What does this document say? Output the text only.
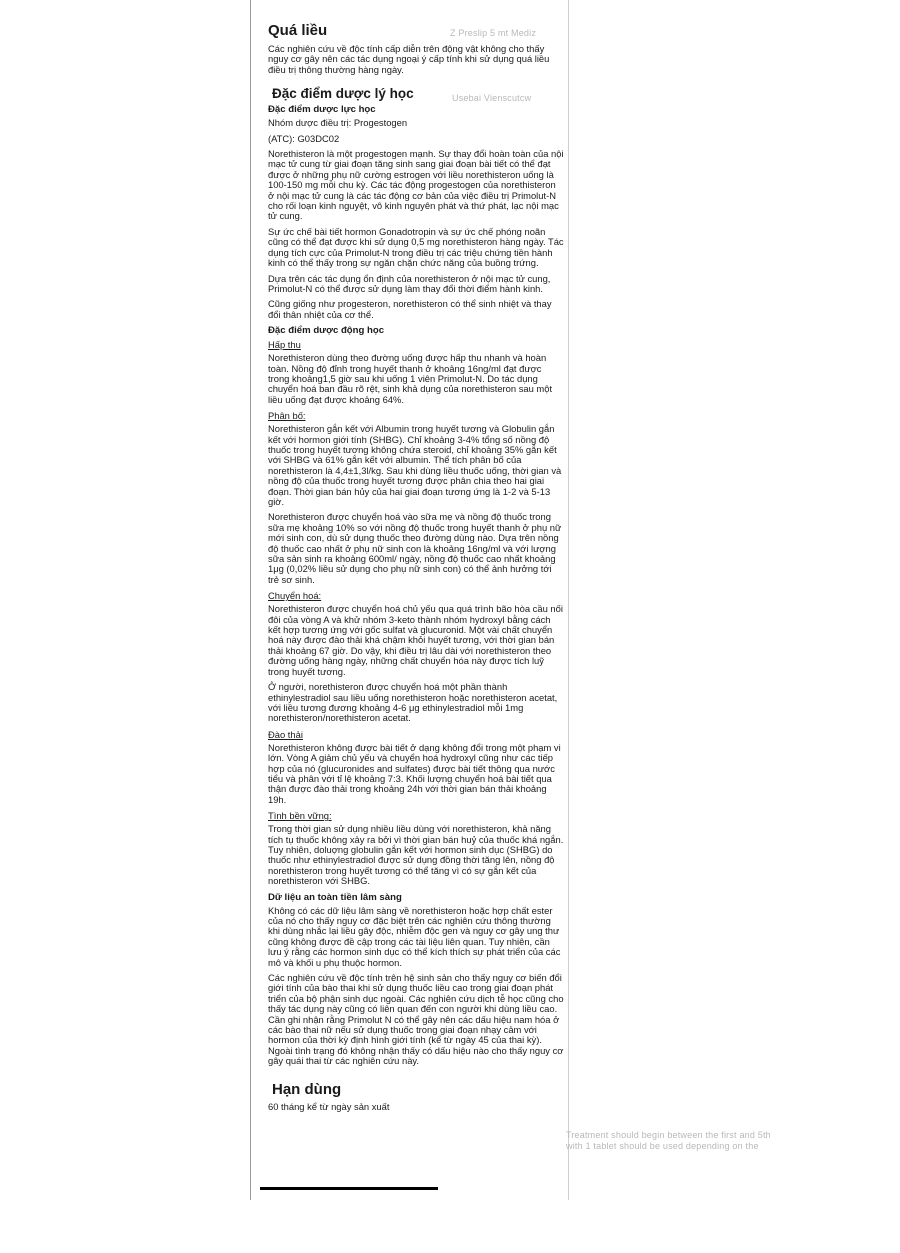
Z Preslip 5 mt Mediz
Usebai Vienscutcw
Treatment should begin between the first and 5th
with 1 tablet should be used depending on the
Quá liều

Các nghiên cứu về độc tính cấp diễn trên động vật không cho thấy nguy cơ gây nên các tác dụng ngoại ý cấp tính khi sử dụng quá liều điều trị thông thường hàng ngày.

Đặc điểm dược lý học
Đặc điểm dược lực học

Nhóm dược điều trị: Progestogen

(ATC): G03DC02

Norethisteron là một progestogen mạnh. Sự thay đổi hoàn toàn của nội mạc tử cung từ giai đoạn tăng sinh sang giai đoạn bài tiết có thể đạt được ở những phụ nữ cường estrogen với liều norethisteron uống là 100-150 mg mỗi chu kỳ. Các tác động progestogen của norethisteron ở nội mạc tử cung là các tác động cơ bản của việc điều trị Primolut-N cho rối loạn kinh nguyệt, vô kinh nguyên phát và thứ phát, lạc nội mạc tử cung.

Sự ức chế bài tiết hormon Gonadotropin và sự ức chế phóng noãn cũng có thể đạt được khi sử dụng 0,5 mg norethisteron hàng ngày. Tác dụng tích cực của Primolut-N trong điều trị các triệu chứng tiền hành kinh có thể thấy trong sự ngăn chặn chức năng của buồng trứng.

Dựa trên các tác dụng ổn định của norethisteron ở nội mạc tử cung, Primolut-N có thể được sử dụng làm thay đổi thời điểm hành kinh.

Cũng giống như progesteron, norethisteron có thể sinh nhiệt và thay đổi thân nhiệt của cơ thể.

Đặc điểm dược động học
Hấp thu

Norethisteron dùng theo đường uống được hấp thu nhanh và hoàn toàn. Nồng độ đỉnh trong huyết thanh ở khoảng 16ng/ml đạt được trong khoảng1,5 giờ sau khi uống 1 viên Primolut-N. Do tác dụng chuyển hoá ban đầu rõ rệt, sinh khả dụng của norethisteron sau một liều uống đạt được khoảng 64%.

Phân bố:

Norethisteron gắn kết với Albumin trong huyết tương và Globulin gắn kết với hormon giới tính (SHBG). Chỉ khoảng 3-4% tổng số nồng độ thuốc trong huyết tương không chứa steroid, chỉ khoảng 35% gắn kết với SHBG và 61% gắn kết với albumin. Thể tích phân bố của norethisteron là 4,4±1,3l/kg. Sau khi dùng liều thuốc uống, thời gian và nồng độ của thuốc trong huyết tương được phân chia theo hai giai đoạn. Thời gian bán hủy của hai giai đoạn tương ứng là 1-2 và 5-13 giờ.

Norethisteron được chuyển hoá vào sữa mẹ và nồng độ thuốc trong sữa mẹ khoảng 10% so với nồng độ thuốc trong huyết thanh ở phụ nữ mới sinh con, dù sử dụng thuốc theo đường dùng nào. Dựa trên nồng độ thuốc cao nhất ở phụ nữ sinh con là khoảng 16ng/ml và với lượng sữa sản sinh ra khoảng 600ml/ ngày, nồng độ thuốc cao nhất khoảng 1μg (0,02% liều sử dụng cho phụ nữ sinh con) có thể ảnh hưởng tới trẻ sơ sinh.

Chuyển hoá:

Norethisteron được chuyển hoá chủ yếu qua quá trình bão hòa cầu nối đôi của vòng A và khử nhóm 3-keto thành nhóm hydroxyl bằng cách kết hợp tương ứng với gốc sulfat và glucuronid. Một vài chất chuyển hoá này được đào thải khá chậm khỏi huyết tương, với thời gian bán thải khoảng 67 giờ. Do vậy, khi điều trị lâu dài với norethisteron theo đường uống hàng ngày, những chất chuyển hóa này được tích luỹ trong huyết tương.

Ở người, norethisteron được chuyển hoá một phần thành ethinylestradiol sau liều uống norethisteron hoặc norethisteron acetat, với liều tương đương khoảng 4-6 μg ethinylestradiol mỗi 1mg norethisteron/norethisteron acetat.

Đào thải

Norethisteron không được bài tiết ở dạng không đổi trong một phạm vi lớn. Vòng A giảm chủ yếu và chuyển hoá hydroxyl cũng như các tiếp hợp của nó (glucuronides and sulfates) được bài tiết thông qua nước tiểu và phân với tỉ lệ khoảng 7:3. Khối lượng chuyển hoá bài tiết qua thận được đào thải trong khoảng 24h với thời gian bán thải khoảng 19h.

Tình bền vững:

Trong thời gian sử dụng nhiều liều dùng với norethisteron, khả năng tích tụ thuốc không xảy ra bởi vì thời gian bán huỷ của thuốc khá ngắn. Tuy nhiên, doluợng globulin gắn kết với hormon sinh dục (SHBG) do thuốc như ethinylestradiol được sử dụng đồng thời tăng lên, nồng độ norethisteron trong huyết tương có thể tăng vì có sự gắn kết của norethisteron với SHBG.

Dữ liệu an toàn tiền lâm sàng

Không có các dữ liệu lâm sàng về norethisteron hoặc hợp chất ester của nó cho thấy nguy cơ đặc biệt trên các nghiên cứu thông thường khi dùng nhắc lại liều gây độc, nhiễm độc gen và nguy cơ gây ung thư cũng không được đề cập trong các tài liệu liên quan. Tuy nhiên, cần lưu ý rằng các hormon sinh dục có thể kích thích sự phát triển của các mô và khối u phụ thuộc hormon.

Các nghiên cứu về độc tính trên hệ sinh sản cho thấy nguy cơ biến đổi giới tính của bào thai khi sử dụng thuốc liều cao trong giai đoạn phát triển của bộ phận sinh dục ngoài. Các nghiên cứu dịch tễ học cũng cho thấy tác dụng này cũng có liên quan đến con người khi dùng liều cao. Cần ghi nhận rằng Primolut N có thể gây nên các dấu hiệu nam hóa ở các bào thai nữ nếu sử dụng thuốc trong giai đoạn nhạy cảm với hormon của thời kỳ định hình giới tính (kể từ ngày 45 của thai kỳ). Ngoài tình trạng đó không nhận thấy có dấu hiệu nào cho thấy nguy cơ gây quái thai từ các nghiên cứu này.

Hạn dùng

60 tháng kể từ ngày sản xuất
